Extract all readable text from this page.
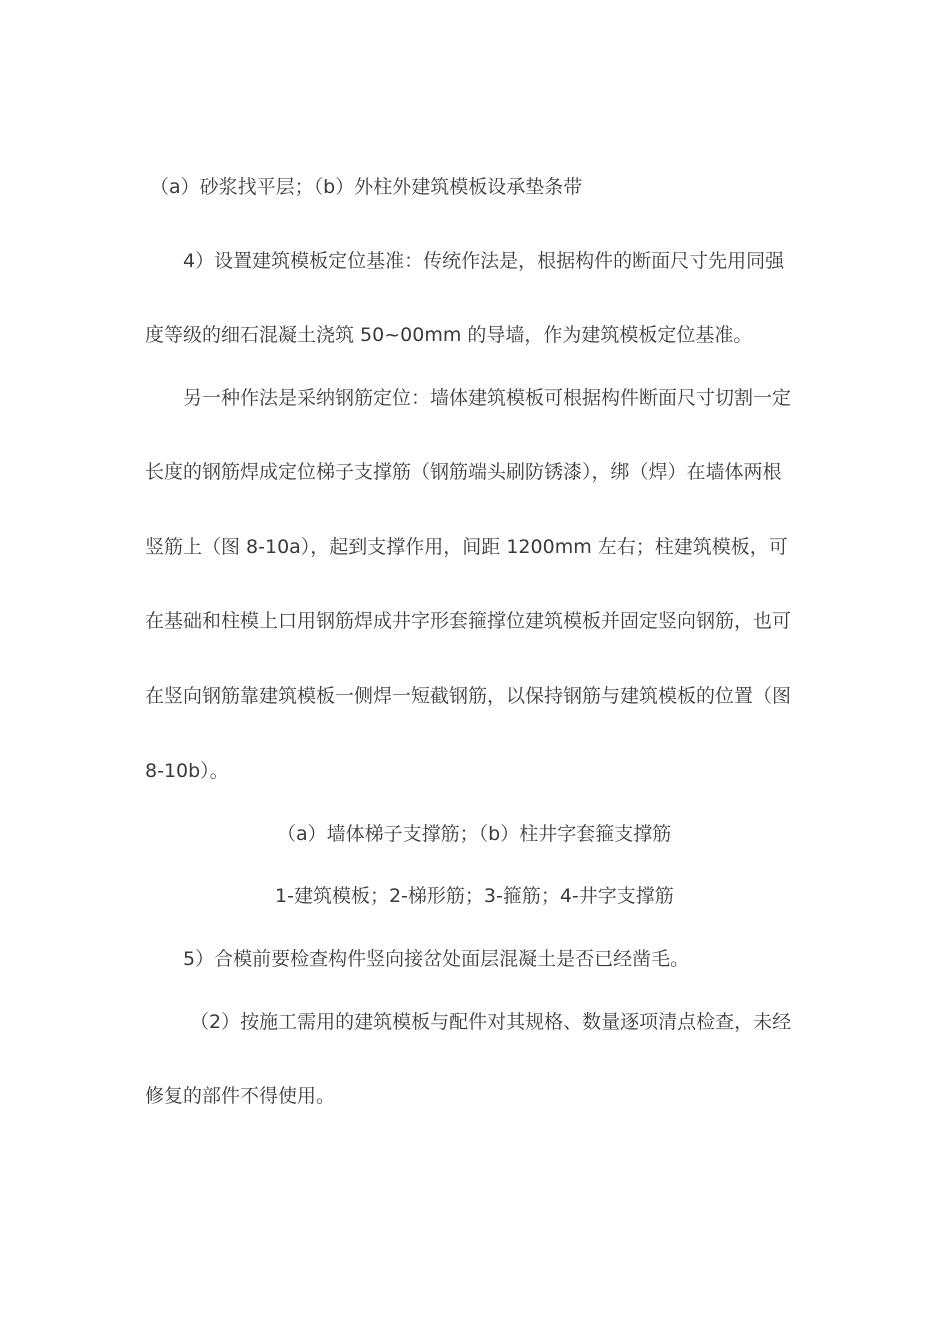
（a）砂浆找平层；（b）外柱外建筑模板设承垫条带
4）设置建筑模板定位基准：传统作法是，根据构件的断面尺寸先用同强
度等级的细石混凝土浇筑 50~00mm 的导墙，作为建筑模板定位基准。
另一种作法是采纳钢筋定位：墙体建筑模板可根据构件断面尺寸切割一定
长度的钢筋焊成定位梯子支撑筋（钢筋端头刷防锈漆），绑（焊）在墙体两根
竖筋上（图 8-10a），起到支撑作用，间距 1200mm 左右；柱建筑模板，可
在基础和柱模上口用钢筋焊成井字形套箍撑位建筑模板并固定竖向钢筋，也可
在竖向钢筋靠建筑模板一侧焊一短截钢筋，以保持钢筋与建筑模板的位置（图
8-10b）。
（a）墙体梯子支撑筋；（b）柱井字套箍支撑筋
1-建筑模板；2-梯形筋；3-箍筋；4-井字支撑筋
5）合模前要检查构件竖向接岔处面层混凝土是否已经凿毛。
（2）按施工需用的建筑模板与配件对其规格、数量逐项清点检查，未经
修复的部件不得使用。
